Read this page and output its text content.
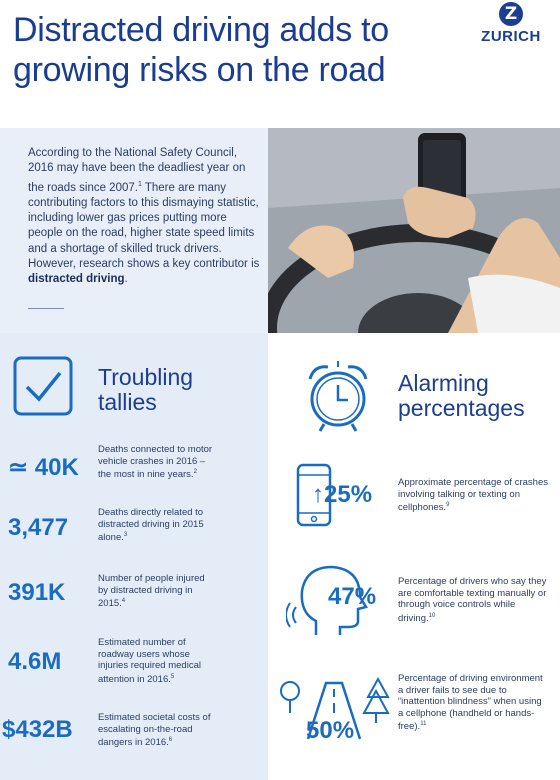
Distracted driving adds to growing risks on the road
Z
ZURICH
According to the National Safety Council, 2016 may have been the deadliest year on the roads since 2007.$^1$ There are many contributing factors to this dismaying statistic, including lower gas prices putting more people on the road, higher state speed limits and a shortage of skilled truck drivers. However, research shows a key contributor is distracted driving.
Troubling
tallies
≃ 40K
Deaths connected to motor vehicle crashes in 2016 – the most in nine years.$^2$
3,477
Deaths directly related to distracted driving in 2015 alone.$^3$
391K
Number of people injured by distracted driving in 2015.$^4$
4.6M
Estimated number of roadway users whose injuries required medical attention in 2016.$^5$
$432B	Estimated societal costs of escalating on-the-road dangers in 2016.$^6$
Alarming
percentages
↑25%	Approximate percentage of crashes involving talking or texting on cellphones.$^9$
47%
Percentage of drivers who say they are comfortable texting manually or through voice controls while driving.$^{10}$
50%
Percentage of driving environment a driver fails to see due to “inattention blindness” when using a cellphone (handheld or hands-free).$^{11}$
